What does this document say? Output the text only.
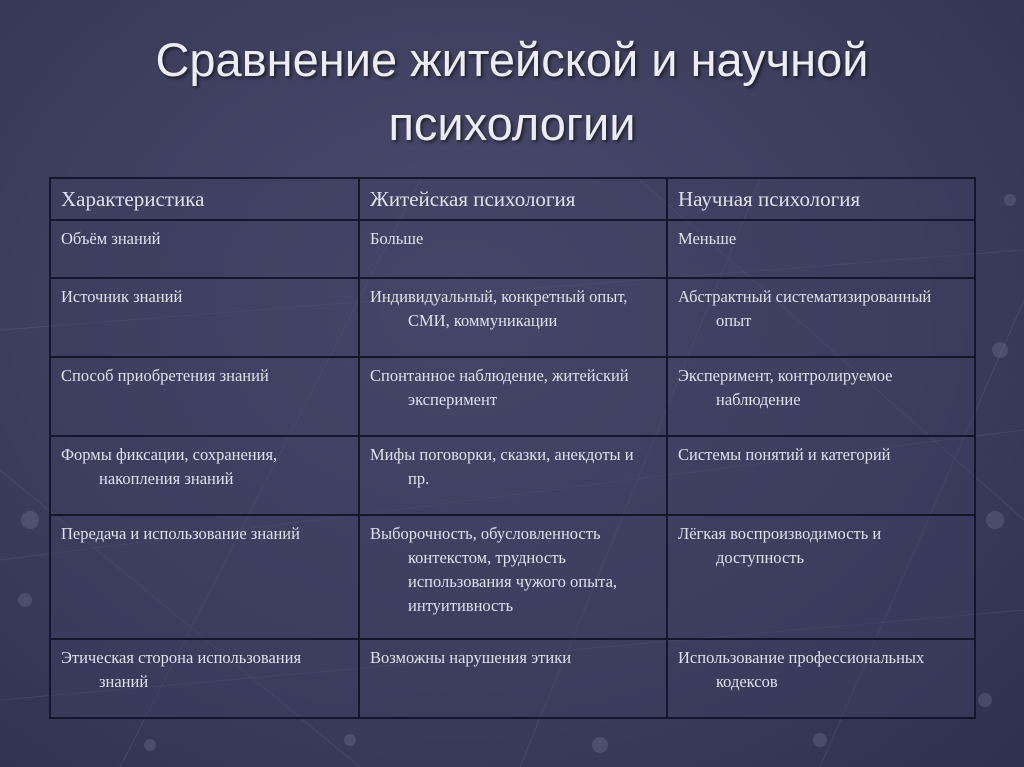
Сравнение житейской и научной
психологии
Характеристика	Житейская психология	Научная психология

Объём знаний	Больше	Меньше

Источник знаний	Индивидуальный, конкретный опыт, СМИ, коммуникации	Абстрактный систематизированный опыт

Способ приобретения знаний	Спонтанное наблюдение, житейский эксперимент	Эксперимент, контролируемое наблюдение

Формы фиксации, сохранения, накопления знаний	Мифы поговорки, сказки, анекдоты и пр.	Системы понятий и категорий

Передача и использование знаний	Выборочность, обусловленность контекстом, трудность использования чужого опыта, интуитивность	Лёгкая воспроизводимость и доступность

Этическая сторона использования знаний	Возможны нарушения этики	Использование профессиональных кодексов
